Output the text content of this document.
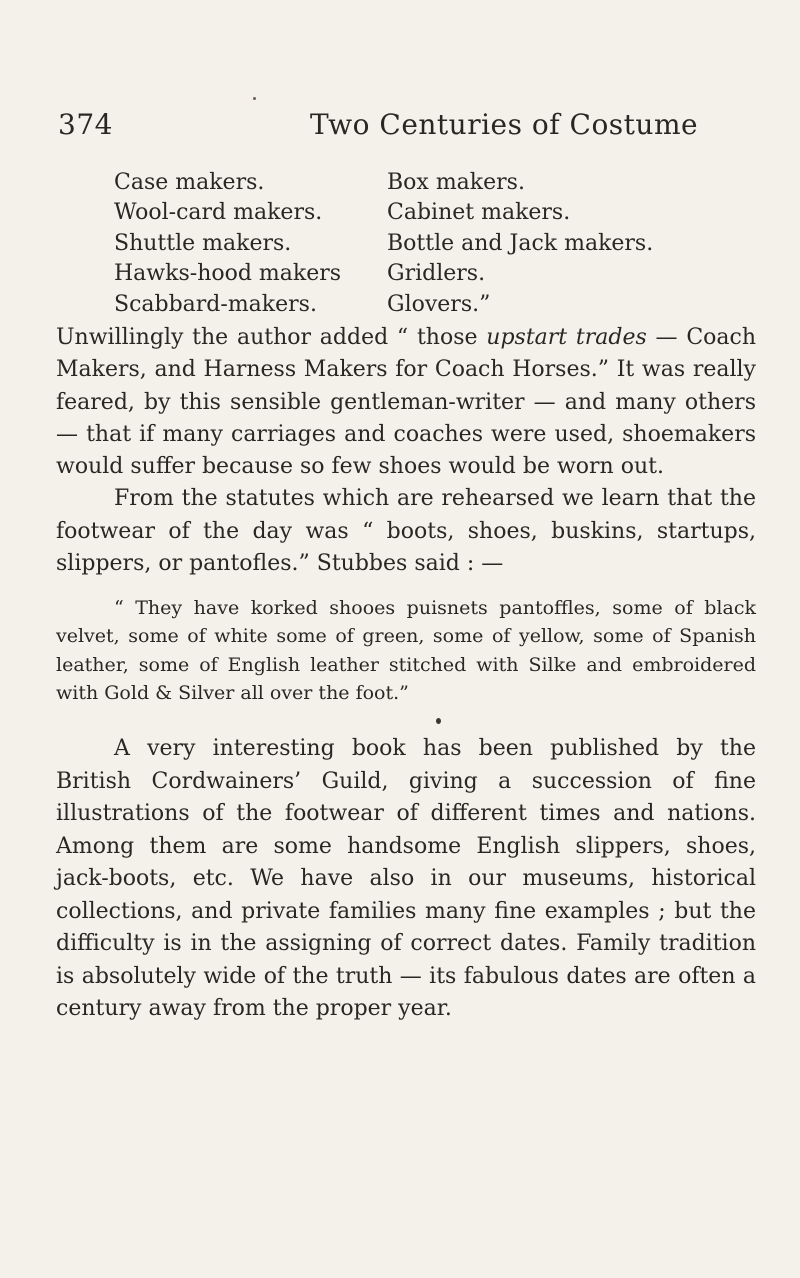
374	Two Centuries of Costume
Case makers.
Wool-card makers.
Shuttle makers.
Hawks-hood makers
Scabbard-makers.
Box makers.
Cabinet makers.
Bottle and Jack makers.
Gridlers.
Glovers.”

Unwillingly the author added “ those upstart trades — Coach Makers, and Harness Makers for Coach Horses.” It was really feared, by this sensible gentleman-writer — and many others — that if many carriages and coaches were used, shoemakers would suffer because so few shoes would be worn out.

From the statutes which are rehearsed we learn that the footwear of the day was “ boots, shoes, buskins, startups, slippers, or pantofles.” Stubbes said : —

“ They have korked shooes puisnets pantoffles, some of black velvet, some of white some of green, some of yellow, some of Spanish leather, some of English leather stitched with Silke and embroidered with Gold & Silver all over the foot.”
A very interesting book has been published by the British Cordwainers’ Guild, giving a succession of fine illustrations of the footwear of different times and nations. Among them are some handsome English slippers, shoes, jack-boots, etc. We have also in our museums, historical collections, and private families many fine examples ; but the difficulty is in the assigning of correct dates. Family tradition is absolutely wide of the truth — its fabulous dates are often a century away from the proper year.
